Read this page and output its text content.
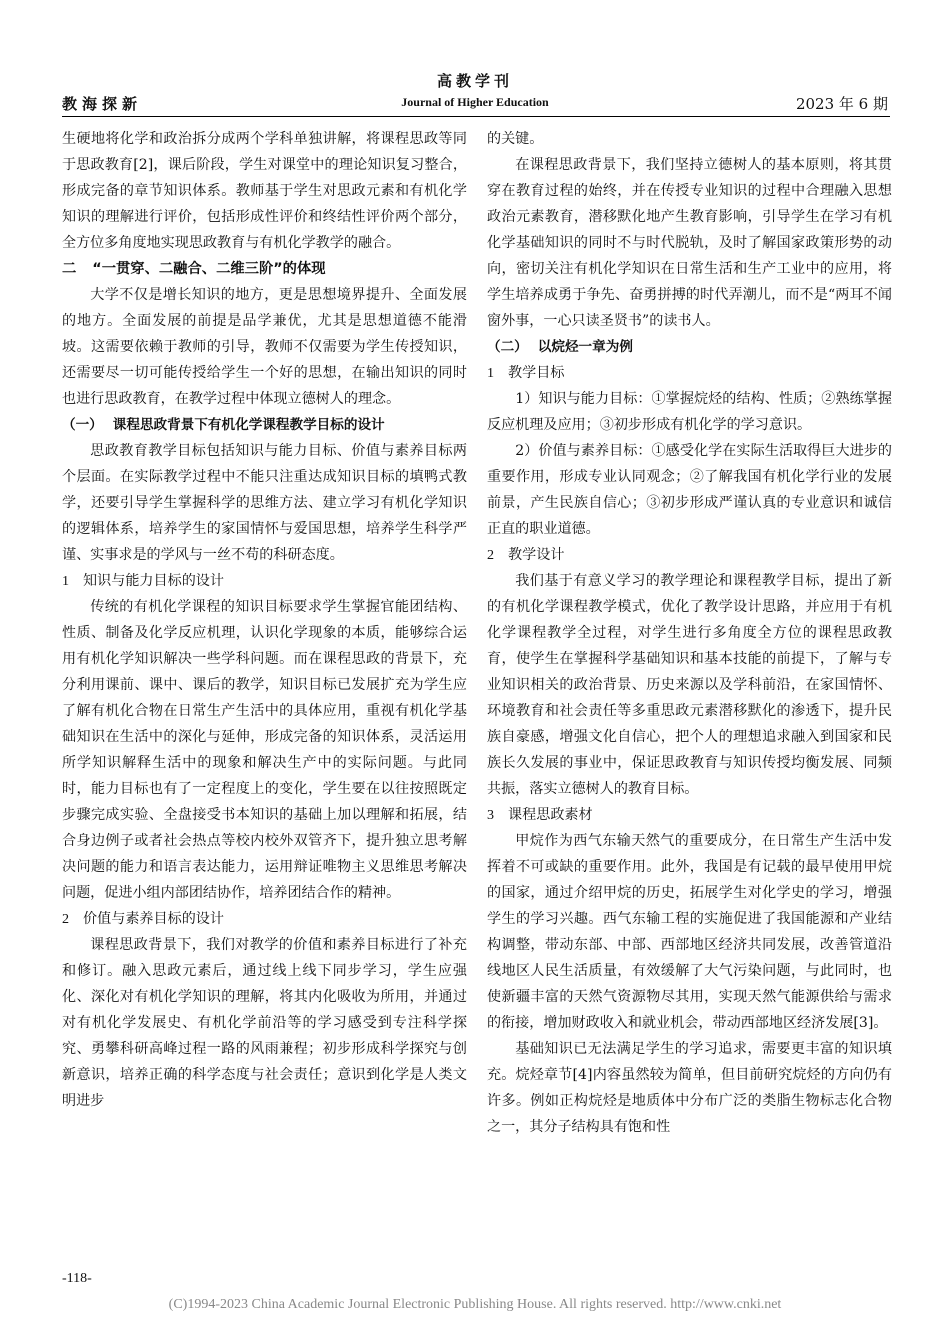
高教学刊
教海探新	Journal of Higher Education	2023 年 6 期

生硬地将化学和政治拆分成两个学科单独讲解，将课程思政等同于思政教育[2]，课后阶段，学生对课堂中的理论知识复习整合，形成完备的章节知识体系。教师基于学生对思政元素和有机化学知识的理解进行评价，包括形成性评价和终结性评价两个部分，全方位多角度地实现思政教育与有机化学教学的融合。

二 “一贯穿、二融合、二维三阶”的体现

大学不仅是增长知识的地方，更是思想境界提升、全面发展的地方。全面发展的前提是品学兼优，尤其是思想道德不能滑坡。这需要依赖于教师的引导，教师不仅需要为学生传授知识，还需要尽一切可能传授给学生一个好的思想，在输出知识的同时也进行思政教育，在教学过程中体现立德树人的理念。

（一） 课程思政背景下有机化学课程教学目标的设计

思政教育教学目标包括知识与能力目标、价值与素养目标两个层面。在实际教学过程中不能只注重达成知识目标的填鸭式教学，还要引导学生掌握科学的思维方法、建立学习有机化学知识的逻辑体系，培养学生的家国情怀与爱国思想，培养学生科学严谨、实事求是的学风与一丝不苟的科研态度。

1 知识与能力目标的设计

传统的有机化学课程的知识目标要求学生掌握官能团结构、性质、制备及化学反应机理，认识化学现象的本质，能够综合运用有机化学知识解决一些学科问题。而在课程思政的背景下，充分利用课前、课中、课后的教学，知识目标已发展扩充为学生应了解有机化合物在日常生产生活中的具体应用，重视有机化学基础知识在生活中的深化与延伸，形成完备的知识体系，灵活运用所学知识解释生活中的现象和解决生产中的实际问题。与此同时，能力目标也有了一定程度上的变化，学生要在以往按照既定步骤完成实验、全盘接受书本知识的基础上加以理解和拓展，结合身边例子或者社会热点等校内校外双管齐下，提升独立思考解决问题的能力和语言表达能力，运用辩证唯物主义思维思考解决问题，促进小组内部团结协作，培养团结合作的精神。

2 价值与素养目标的设计

课程思政背景下，我们对教学的价值和素养目标进行了补充和修订。融入思政元素后，通过线上线下同步学习，学生应强化、深化对有机化学知识的理解，将其内化吸收为所用，并通过对有机化学发展史、有机化学前沿等的学习感受到专注科学探究、勇攀科研高峰过程一路的风雨兼程；初步形成科学探究与创新意识，培养正确的科学态度与社会责任；意识到化学是人类文明进步

的关键。

在课程思政背景下，我们坚持立德树人的基本原则，将其贯穿在教育过程的始终，并在传授专业知识的过程中合理融入思想政治元素教育，潜移默化地产生教育影响，引导学生在学习有机化学基础知识的同时不与时代脱轨，及时了解国家政策形势的动向，密切关注有机化学知识在日常生活和生产工业中的应用，将学生培养成勇于争先、奋勇拼搏的时代弄潮儿，而不是“两耳不闻窗外事，一心只读圣贤书”的读书人。

（二） 以烷烃一章为例

1 教学目标

1）知识与能力目标：①掌握烷烃的结构、性质；②熟练掌握反应机理及应用；③初步形成有机化学的学习意识。

2）价值与素养目标：①感受化学在实际生活取得巨大进步的重要作用，形成专业认同观念；②了解我国有机化学行业的发展前景，产生民族自信心；③初步形成严谨认真的专业意识和诚信正直的职业道德。

2 教学设计

我们基于有意义学习的教学理论和课程教学目标，提出了新的有机化学课程教学模式，优化了教学设计思路，并应用于有机化学课程教学全过程，对学生进行多角度全方位的课程思政教育，使学生在掌握科学基础知识和基本技能的前提下，了解与专业知识相关的政治背景、历史来源以及学科前沿，在家国情怀、环境教育和社会责任等多重思政元素潜移默化的渗透下，提升民族自豪感，增强文化自信心，把个人的理想追求融入到国家和民族长久发展的事业中，保证思政教育与知识传授均衡发展、同频共振，落实立德树人的教育目标。

3 课程思政素材

甲烷作为西气东输天然气的重要成分，在日常生产生活中发挥着不可或缺的重要作用。此外，我国是有记载的最早使用甲烷的国家，通过介绍甲烷的历史，拓展学生对化学史的学习，增强学生的学习兴趣。西气东输工程的实施促进了我国能源和产业结构调整，带动东部、中部、西部地区经济共同发展，改善管道沿线地区人民生活质量，有效缓解了大气污染问题，与此同时，也使新疆丰富的天然气资源物尽其用，实现天然气能源供给与需求的衔接，增加财政收入和就业机会，带动西部地区经济发展[3]。

基础知识已无法满足学生的学习追求，需要更丰富的知识填充。烷烃章节[4]内容虽然较为简单，但目前研究烷烃的方向仍有许多。例如正构烷烃是地质体中分布广泛的类脂生物标志化合物之一，其分子结构具有饱和性

-118-
(C)1994-2023 China Academic Journal Electronic Publishing House. All rights reserved. http://www.cnki.net
